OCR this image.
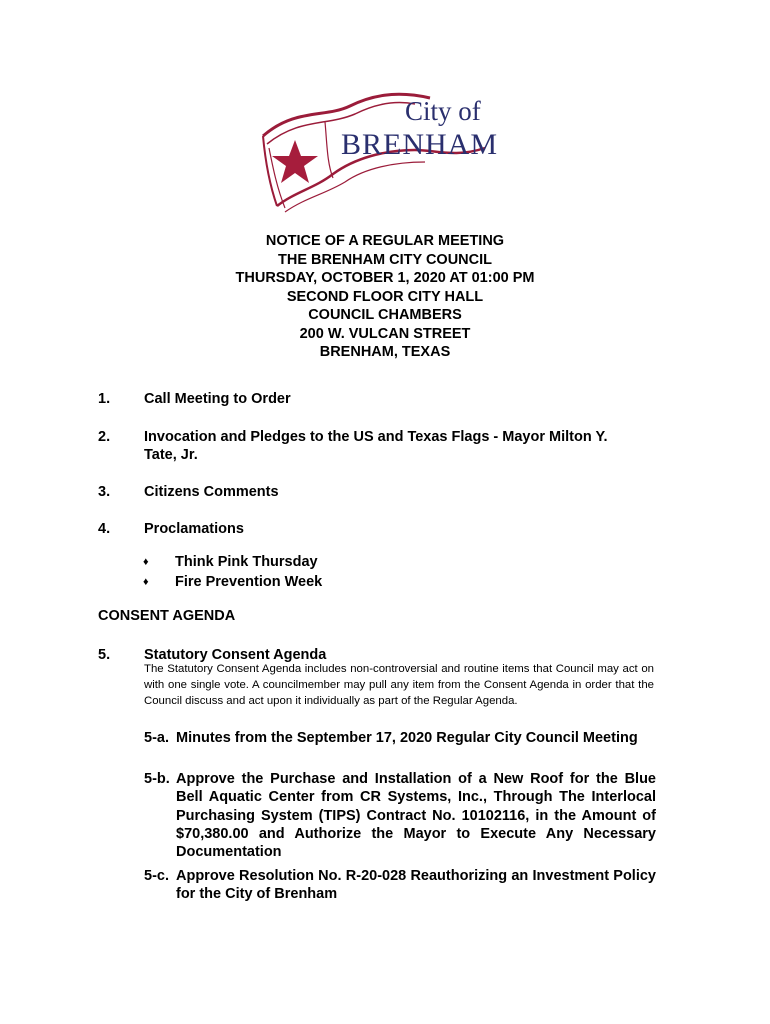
City of
BRENHAM
NOTICE OF A REGULAR MEETING
THE BRENHAM CITY COUNCIL
THURSDAY, OCTOBER 1, 2020 AT 01:00 PM
SECOND FLOOR CITY HALL
COUNCIL CHAMBERS
200 W. VULCAN STREET
BRENHAM, TEXAS
1. Call Meeting to Order
2. Invocation and Pledges to the US and Texas Flags - Mayor Milton Y. Tate, Jr.
3. Citizens Comments
4. Proclamations
♦ Think Pink Thursday
♦ Fire Prevention Week
CONSENT AGENDA
5. Statutory Consent Agenda
The Statutory Consent Agenda includes non-controversial and routine items that Council may act on with one single vote. A councilmember may pull any item from the Consent Agenda in order that the Council discuss and act upon it individually as part of the Regular Agenda.
5-a. Minutes from the September 17, 2020 Regular City Council Meeting
5-b. Approve the Purchase and Installation of a New Roof for the Blue Bell Aquatic Center from CR Systems, Inc., Through The Interlocal Purchasing System (TIPS) Contract No. 10102116, in the Amount of $70,380.00 and Authorize the Mayor to Execute Any Necessary Documentation
5-c. Approve Resolution No. R-20-028 Reauthorizing an Investment Policy for the City of Brenham
